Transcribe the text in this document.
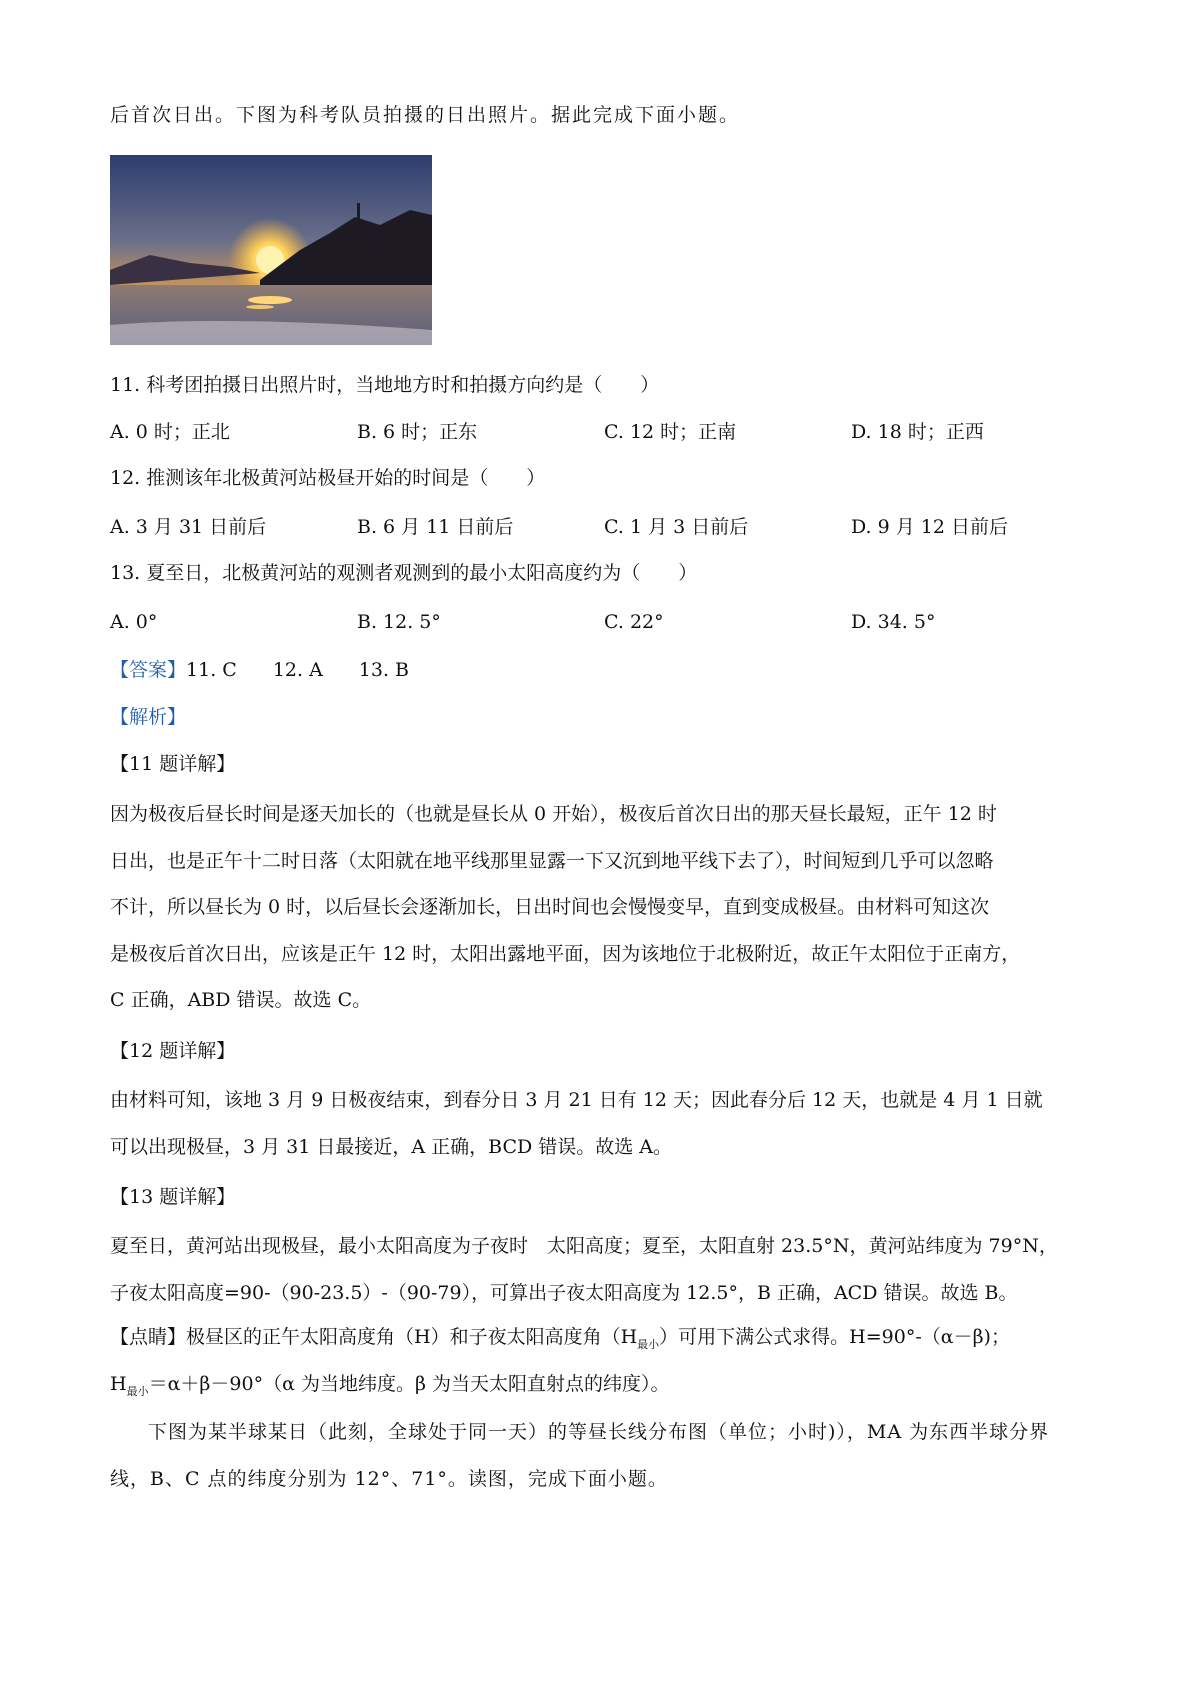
后首次日出。下图为科考队员拍摄的日出照片。据此完成下面小题。
11. 科考团拍摄日出照片时，当地地方时和拍摄方向约是（　　）
A. 0 时；正北	B. 6 时；正东	C. 12 时；正南	D. 18 时；正西
12. 推测该年北极黄河站极昼开始的时间是（　　）
A. 3 月 31 日前后	B. 6 月 11 日前后	C. 1 月 3 日前后	D. 9 月 12 日前后
13. 夏至日，北极黄河站的观测者观测到的最小太阳高度约为（　　）
A. 0°	B. 12. 5°	C. 22°	D. 34. 5°
【答案】11. C 12. A 13. B
【解析】
【11 题详解】
因为极夜后昼长时间是逐天加长的（也就是昼长从 0 开始），极夜后首次日出的那天昼长最短，正午 12 时
日出，也是正午十二时日落（太阳就在地平线那里显露一下又沉到地平线下去了），时间短到几乎可以忽略
不计，所以昼长为 0 时，以后昼长会逐渐加长，日出时间也会慢慢变早，直到变成极昼。由材料可知这次
是极夜后首次日出，应该是正午 12 时，太阳出露地平面，因为该地位于北极附近，故正午太阳位于正南方，
C 正确，ABD 错误。故选 C。
【12 题详解】
由材料可知，该地 3 月 9 日极夜结束，到春分日 3 月 21 日有 12 天；因此春分后 12 天，也就是 4 月 1 日就
可以出现极昼，3 月 31 日最接近，A 正确，BCD 错误。故选 A。
【13 题详解】
夏至日，黄河站出现极昼，最小太阳高度为子夜时　太阳高度；夏至，太阳直射 23.5°N，黄河站纬度为 79°N，
子夜太阳高度=90-（90-23.5）-（90-79），可算出子夜太阳高度为 12.5°，B 正确，ACD 错误。故选 B。
【点睛】极昼区的正午太阳高度角（H）和子夜太阳高度角$(H_{最小})$可用下满公式求得。H=90°-（α－β)；
$H_{最小}=\alpha+\beta-90^\circ(\alpha$ 为当地纬度。β 为当天太阳直射点的纬度）。
下图为某半球某日（此刻，全球处于同一天）的等昼长线分布图（单位；小时)），MA 为东西半球分界
线，B、C 点的纬度分别为 12°、71°。读图，完成下面小题。
